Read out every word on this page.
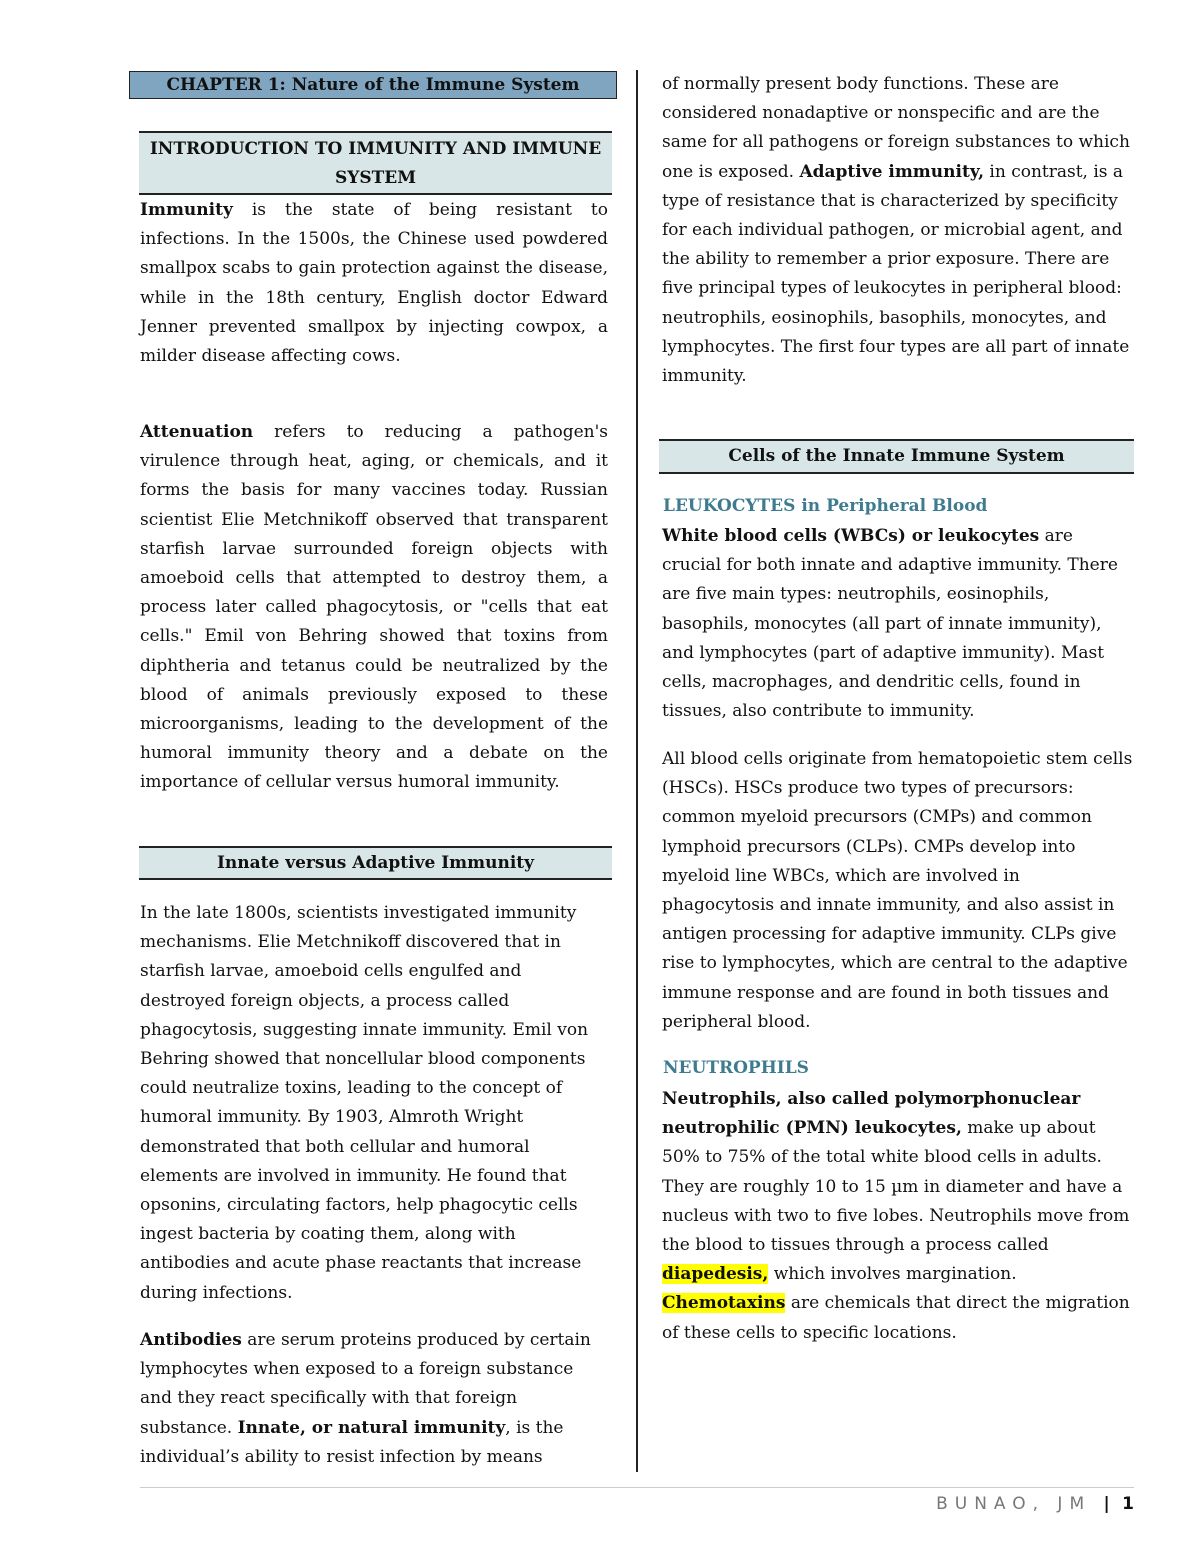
CHAPTER 1: Nature of the Immune System
INTRODUCTION TO IMMUNITY AND IMMUNE SYSTEM

Immunity is the state of being resistant to infections. In the 1500s, the Chinese used powdered smallpox scabs to gain protection against the disease, while in the 18th century, English doctor Edward Jenner prevented smallpox by injecting cowpox, a milder disease affecting cows.

Attenuation refers to reducing a pathogen's virulence through heat, aging, or chemicals, and it forms the basis for many vaccines today. Russian scientist Elie Metchnikoff observed that transparent starfish larvae surrounded foreign objects with amoeboid cells that attempted to destroy them, a process later called phagocytosis, or "cells that eat cells." Emil von Behring showed that toxins from diphtheria and tetanus could be neutralized by the blood of animals previously exposed to these microorganisms, leading to the development of the humoral immunity theory and a debate on the importance of cellular versus humoral immunity.

Innate versus Adaptive Immunity

In the late 1800s, scientists investigated immunity mechanisms. Elie Metchnikoff discovered that in starfish larvae, amoeboid cells engulfed and destroyed foreign objects, a process called phagocytosis, suggesting innate immunity. Emil von Behring showed that noncellular blood components could neutralize toxins, leading to the concept of humoral immunity. By 1903, Almroth Wright demonstrated that both cellular and humoral elements are involved in immunity. He found that opsonins, circulating factors, help phagocytic cells ingest bacteria by coating them, along with antibodies and acute phase reactants that increase during infections.

Antibodies are serum proteins produced by certain lymphocytes when exposed to a foreign substance and they react specifically with that foreign substance. Innate, or natural immunity, is the individual’s ability to resist infection by means

of normally present body functions. These are considered nonadaptive or nonspecific and are the same for all pathogens or foreign substances to which one is exposed. Adaptive immunity, in contrast, is a type of resistance that is characterized by specificity for each individual pathogen, or microbial agent, and the ability to remember a prior exposure. There are five principal types of leukocytes in peripheral blood: neutrophils, eosinophils, basophils, monocytes, and lymphocytes. The first four types are all part of innate immunity.

Cells of the Innate Immune System
LEUKOCYTES in Peripheral Blood

White blood cells (WBCs) or leukocytes are crucial for both innate and adaptive immunity. There are five main types: neutrophils, eosinophils, basophils, monocytes (all part of innate immunity), and lymphocytes (part of adaptive immunity). Mast cells, macrophages, and dendritic cells, found in tissues, also contribute to immunity.

All blood cells originate from hematopoietic stem cells (HSCs). HSCs produce two types of precursors: common myeloid precursors (CMPs) and common lymphoid precursors (CLPs). CMPs develop into myeloid line WBCs, which are involved in phagocytosis and innate immunity, and also assist in antigen processing for adaptive immunity. CLPs give rise to lymphocytes, which are central to the adaptive immune response and are found in both tissues and peripheral blood.

NEUTROPHILS

Neutrophils, also called polymorphonuclear neutrophilic (PMN) leukocytes, make up about 50% to 75% of the total white blood cells in adults. They are roughly 10 to 15 µm in diameter and have a nucleus with two to five lobes. Neutrophils move from the blood to tissues through a process called diapedesis, which involves margination. Chemotaxins are chemicals that direct the migration of these cells to specific locations.

BUNAO, JM | 1
